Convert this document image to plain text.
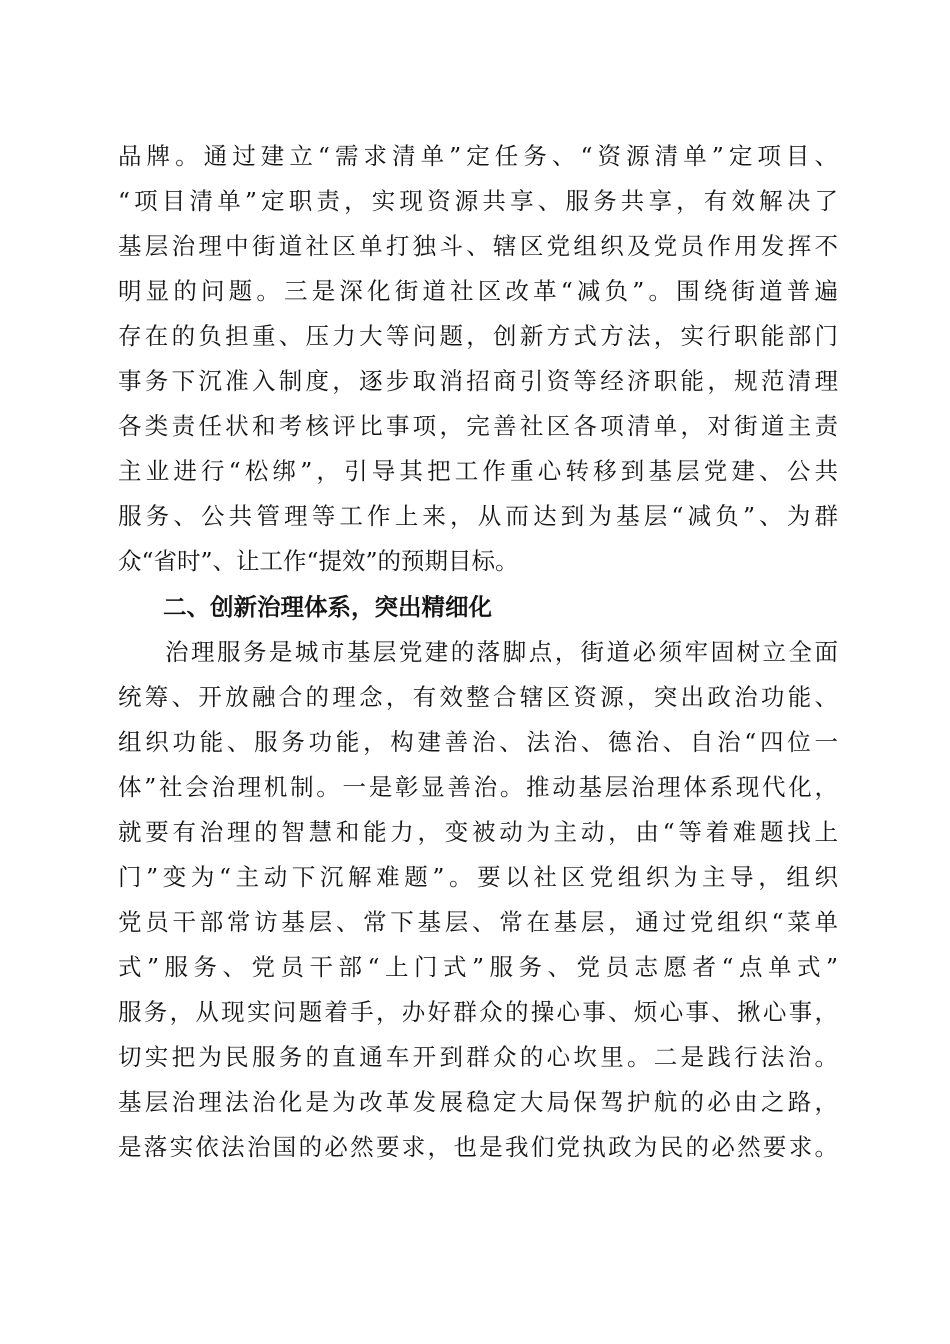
品牌。通过建立“需求清单”定任务、“资源清单”定项目、
“项目清单”定职责，实现资源共享、服务共享，有效解决了
基层治理中街道社区单打独斗、辖区党组织及党员作用发挥不
明显的问题。三是深化街道社区改革“减负”。围绕街道普遍
存在的负担重、压力大等问题，创新方式方法，实行职能部门
事务下沉准入制度，逐步取消招商引资等经济职能，规范清理
各类责任状和考核评比事项，完善社区各项清单，对街道主责
主业进行“松绑”，引导其把工作重心转移到基层党建、公共
服务、公共管理等工作上来，从而达到为基层“减负”、为群
众“省时”、让工作“提效”的预期目标。
二、创新治理体系，突出精细化
治理服务是城市基层党建的落脚点，街道必须牢固树立全面
统筹、开放融合的理念，有效整合辖区资源，突出政治功能、
组织功能、服务功能，构建善治、法治、德治、自治“四位一
体”社会治理机制。一是彰显善治。推动基层治理体系现代化，
就要有治理的智慧和能力，变被动为主动，由“等着难题找上
门”变为“主动下沉解难题”。要以社区党组织为主导，组织
党员干部常访基层、常下基层、常在基层，通过党组织“菜单
式”服务、党员干部“上门式”服务、党员志愿者“点单式”
服务，从现实问题着手，办好群众的操心事、烦心事、揪心事，
切实把为民服务的直通车开到群众的心坎里。二是践行法治。
基层治理法治化是为改革发展稳定大局保驾护航的必由之路，
是落实依法治国的必然要求，也是我们党执政为民的必然要求。
